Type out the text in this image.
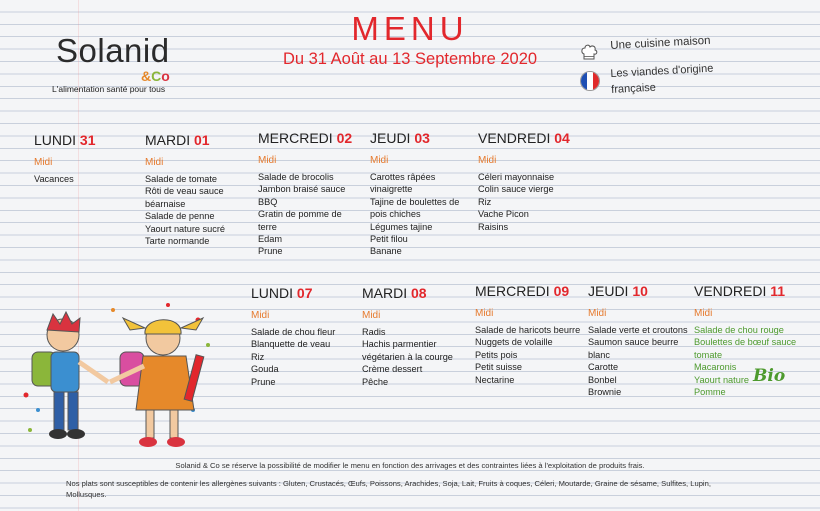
Solanid
&Co
L'alimentation santé pour tous
MENU
Du 31 Août au 13 Septembre 2020
Une cuisine maison
Les viandes d'origine française
LUNDI 31
Midi
Vacances
MARDI 01
Midi
Salade de tomate
Rôti de veau sauce béarnaise
Salade de penne
Yaourt nature sucré
Tarte normande
MERCREDI 02
Midi
Salade de brocolis
Jambon braisé sauce BBQ
Gratin de pomme de terre
Edam
Prune
JEUDI 03
Midi
Carottes râpées vinaigrette
Tajine de boulettes de pois chiches
Légumes tajine
Petit filou
Banane
VENDREDI 04
Midi
Céleri mayonnaise
Colin sauce vierge
Riz
Vache Picon
Raisins
LUNDI 07
Midi
Salade de chou fleur
Blanquette de veau
Riz
Gouda
Prune
MARDI 08
Midi
Radis
Hachis parmentier végétarien à la courge
Crème dessert
Pêche
MERCREDI 09
Midi
Salade de haricots beurre
Nuggets de volaille
Petits pois
Petit suisse
Nectarine
JEUDI 10
Midi
Salade verte et croutons
Saumon sauce beurre blanc
Carotte
Bonbel
Brownie
VENDREDI 11
Midi
Salade de chou rouge
Boulettes de bœuf sauce tomate
Macaronis
Yaourt nature
Pomme
Bio
Solanid & Co se réserve la possibilité de modifier le menu en fonction des arrivages et des contraintes liées à l'exploitation de produits frais.
Nos plats sont susceptibles de contenir les allergènes suivants : Gluten, Crustacés, Œufs, Poissons, Arachides, Soja, Lait, Fruits à coques, Céleri, Moutarde, Graine de sésame, Sulfites, Lupin, Mollusques.
